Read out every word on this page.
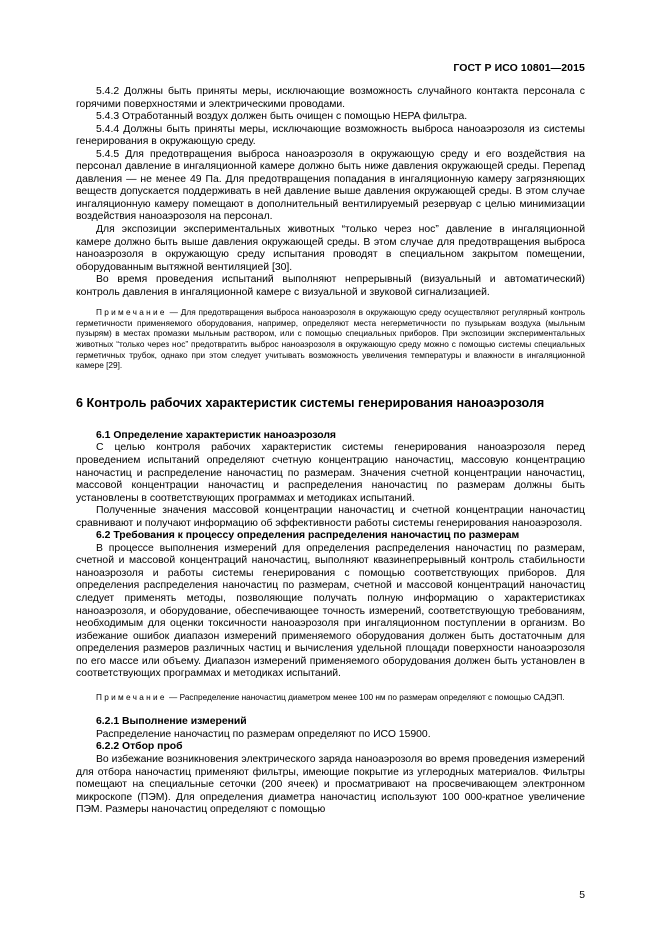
ГОСТ Р ИСО 10801—2015

5.4.2 Должны быть приняты меры, исключающие возможность случайного контакта персонала с горячими поверхностями и электрическими проводами.

5.4.3 Отработанный воздух должен быть очищен с помощью HEPA фильтра.

5.4.4 Должны быть приняты меры, исключающие возможность выброса наноаэрозоля из системы генерирования в окружающую среду.

5.4.5 Для предотвращения выброса наноаэрозоля в окружающую среду и его воздействия на персонал давление в ингаляционной камере должно быть ниже давления окружающей среды. Перепад давления — не менее 49 Па. Для предотвращения попадания в ингаляционную камеру загрязняющих веществ допускается поддерживать в ней давление выше давления окружающей среды. В этом случае ингаляционную камеру помещают в дополнительный вентилируемый резервуар с целью минимизации воздействия наноаэрозоля на персонал.

Для экспозиции экспериментальных животных “только через нос” давление в ингаляционной камере должно быть выше давления окружающей среды. В этом случае для предотвращения выброса наноаэрозоля в окружающую среду испытания проводят в специальном закрытом помещении, оборудованным вытяжной вентиляцией [30].

Во время проведения испытаний выполняют непрерывный (визуальный и автоматический) контроль давления в ингаляционной камере с визуальной и звуковой сигнализацией.

Примечание — Для предотвращения выброса наноаэрозоля в окружающую среду осуществляют регулярный контроль герметичности применяемого оборудования, например, определяют места негерметичности по пузырькам воздуха (мыльным пузырям) в местах промазки мыльным раствором, или с помощью специальных приборов. При экспозиции экспериментальных животных “только через нос” предотвратить выброс наноаэрозоля в окружающую среду можно с помощью системы специальных герметичных трубок, однако при этом следует учитывать возможность увеличения температуры и влажности в ингаляционной камере [29].

6 Контроль рабочих характеристик системы генерирования наноаэрозоля

6.1 Определение характеристик наноаэрозоля

С целью контроля рабочих характеристик системы генерирования наноаэрозоля перед проведением испытаний определяют счетную концентрацию наночастиц, массовую концентрацию наночастиц и распределение наночастиц по размерам. Значения счетной концентрации наночастиц, массовой концентрации наночастиц и распределения наночастиц по размерам должны быть установлены в соответствующих программах и методиках испытаний.

Полученные значения массовой концентрации наночастиц и счетной концентрации наночастиц сравнивают и получают информацию об эффективности работы системы генерирования наноаэрозоля.

6.2 Требования к процессу определения распределения наночастиц по размерам

В процессе выполнения измерений для определения распределения наночастиц по размерам, счетной и массовой концентраций наночастиц, выполняют квазинепрерывный контроль стабильности наноаэрозоля и работы системы генерирования с помощью соответствующих приборов. Для определения распределения наночастиц по размерам, счетной и массовой концентраций наночастиц следует применять методы, позволяющие получать полную информацию о характеристиках наноаэрозоля, и оборудование, обеспечивающее точность измерений, соответствующую требованиям, необходимым для оценки токсичности наноаэрозоля при ингаляционном поступлении в организм. Во избежание ошибок диапазон измерений применяемого оборудования должен быть достаточным для определения размеров различных частиц и вычисления удельной площади поверхности наноаэрозоля по его массе или объему. Диапазон измерений применяемого оборудования должен быть установлен в соответствующих программах и методиках испытаний.

Примечание — Распределение наночастиц диаметром менее 100 нм по размерам определяют с помощью САДЭП.

6.2.1 Выполнение измерений

Распределение наночастиц по размерам определяют по ИСО 15900.

6.2.2 Отбор проб

Во избежание возникновения электрического заряда наноаэрозоля во время проведения измерений для отбора наночастиц применяют фильтры, имеющие покрытие из углеродных материалов. Фильтры помещают на специальные сеточки (200 ячеек) и просматривают на просвечивающем электронном микроскопе (ПЭМ). Для определения диаметра наночастиц используют 100 000-кратное увеличение ПЭМ. Размеры наночастиц определяют с помощью

5
